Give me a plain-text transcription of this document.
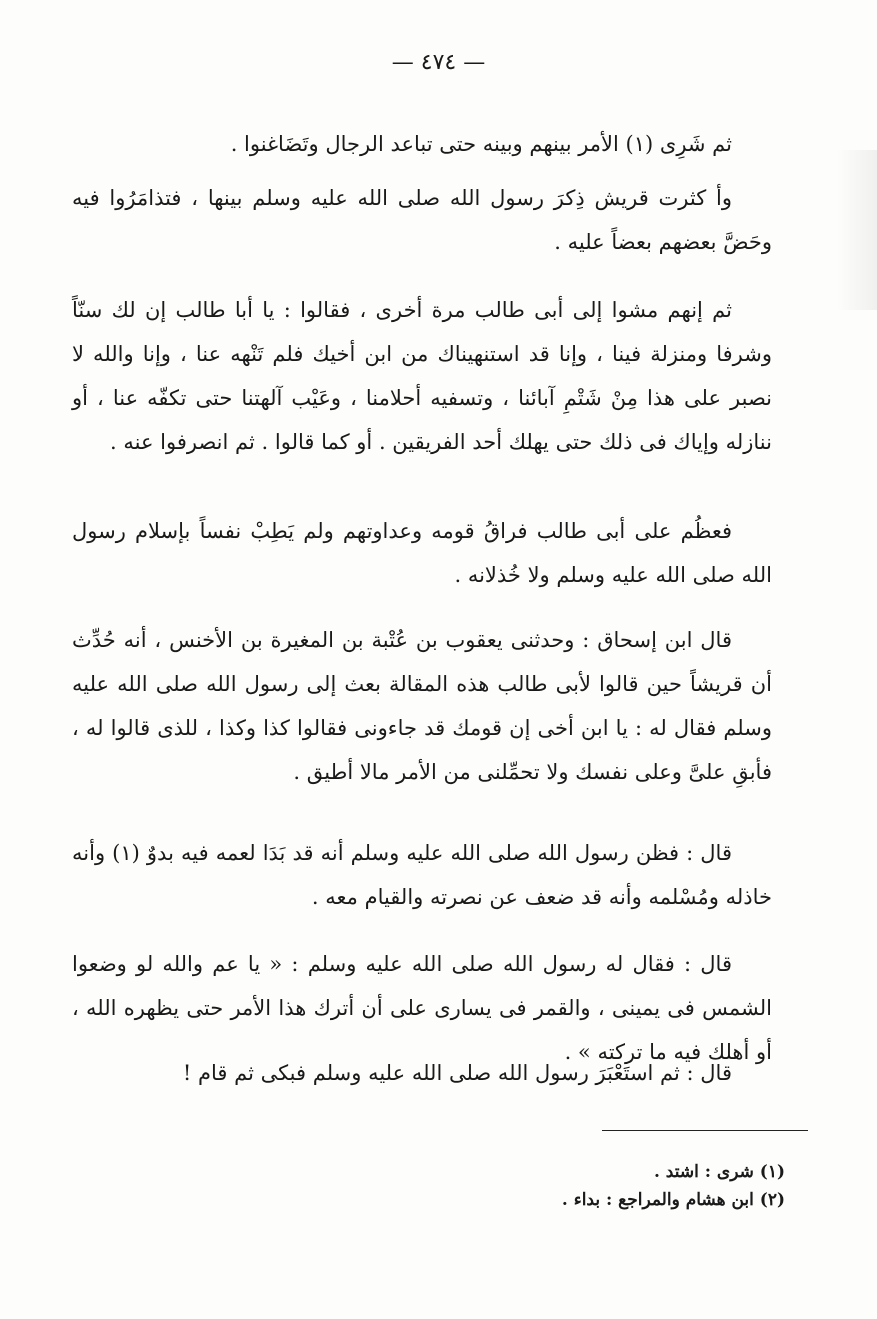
— ٤٧٤ —

ثم شَرِى (١) الأمر بينهم وبينه حتى تباعد الرجال وتَضَاغنوا .

وأ كثرت قريش ذِكرَ رسول الله صلى الله عليه وسلم بينها ، فتذامَرُوا فيه وحَضَّ بعضهم بعضاً عليه .

ثم إنهم مشوا إلى أبى طالب مرة أخرى ، فقالوا : يا أبا طالب إن لك سنّاً وشرفا ومنزلة فينا ، وإنا قد استنهيناك من ابن أخيك فلم تَنْهه عنا ، وإنا والله لا نصبر على هذا مِنْ شَتْمِ آبائنا ، وتسفيه أحلامنا ، وعَيْب آلهتنا حتى تكفّه عنا ، أو ننازله وإياك فى ذلك حتى يهلك أحد الفريقين . أو كما قالوا . ثم انصرفوا عنه .

فعظُم على أبى طالب فراقُ قومه وعداوتهم ولم يَطِبْ نفساً بإسلام رسول الله صلى الله عليه وسلم ولا خُذلانه .

قال ابن إسحاق : وحدثنى يعقوب بن عُتْبة بن المغيرة بن الأخنس ، أنه حُدِّث أن قريشاً حين قالوا لأبى طالب هذه المقالة بعث إلى رسول الله صلى الله عليه وسلم فقال له : يا ابن أخى إن قومك قد جاءونى فقالوا كذا وكذا ، للذى قالوا له ، فأبقِ علىَّ وعلى نفسك ولا تحمِّلنى من الأمر مالا أطيق .

قال : فظن رسول الله صلى الله عليه وسلم أنه قد بَدَا لعمه فيه بدوٌ (١) وأنه خاذله ومُسْلمه وأنه قد ضعف عن نصرته والقيام معه .

قال : فقال له رسول الله صلى الله عليه وسلم : « يا عم والله لو وضعوا الشمس فى يمينى ، والقمر فى يسارى على أن أترك هذا الأمر حتى يظهره الله ، أو أهلك فيه ما تركته » .

قال : ثم استَعْبَرَ رسول الله صلى الله عليه وسلم فبكى ثم قام !

(١) شرى : اشتد .
(٢) ابن هشام والمراجع : بداء .
